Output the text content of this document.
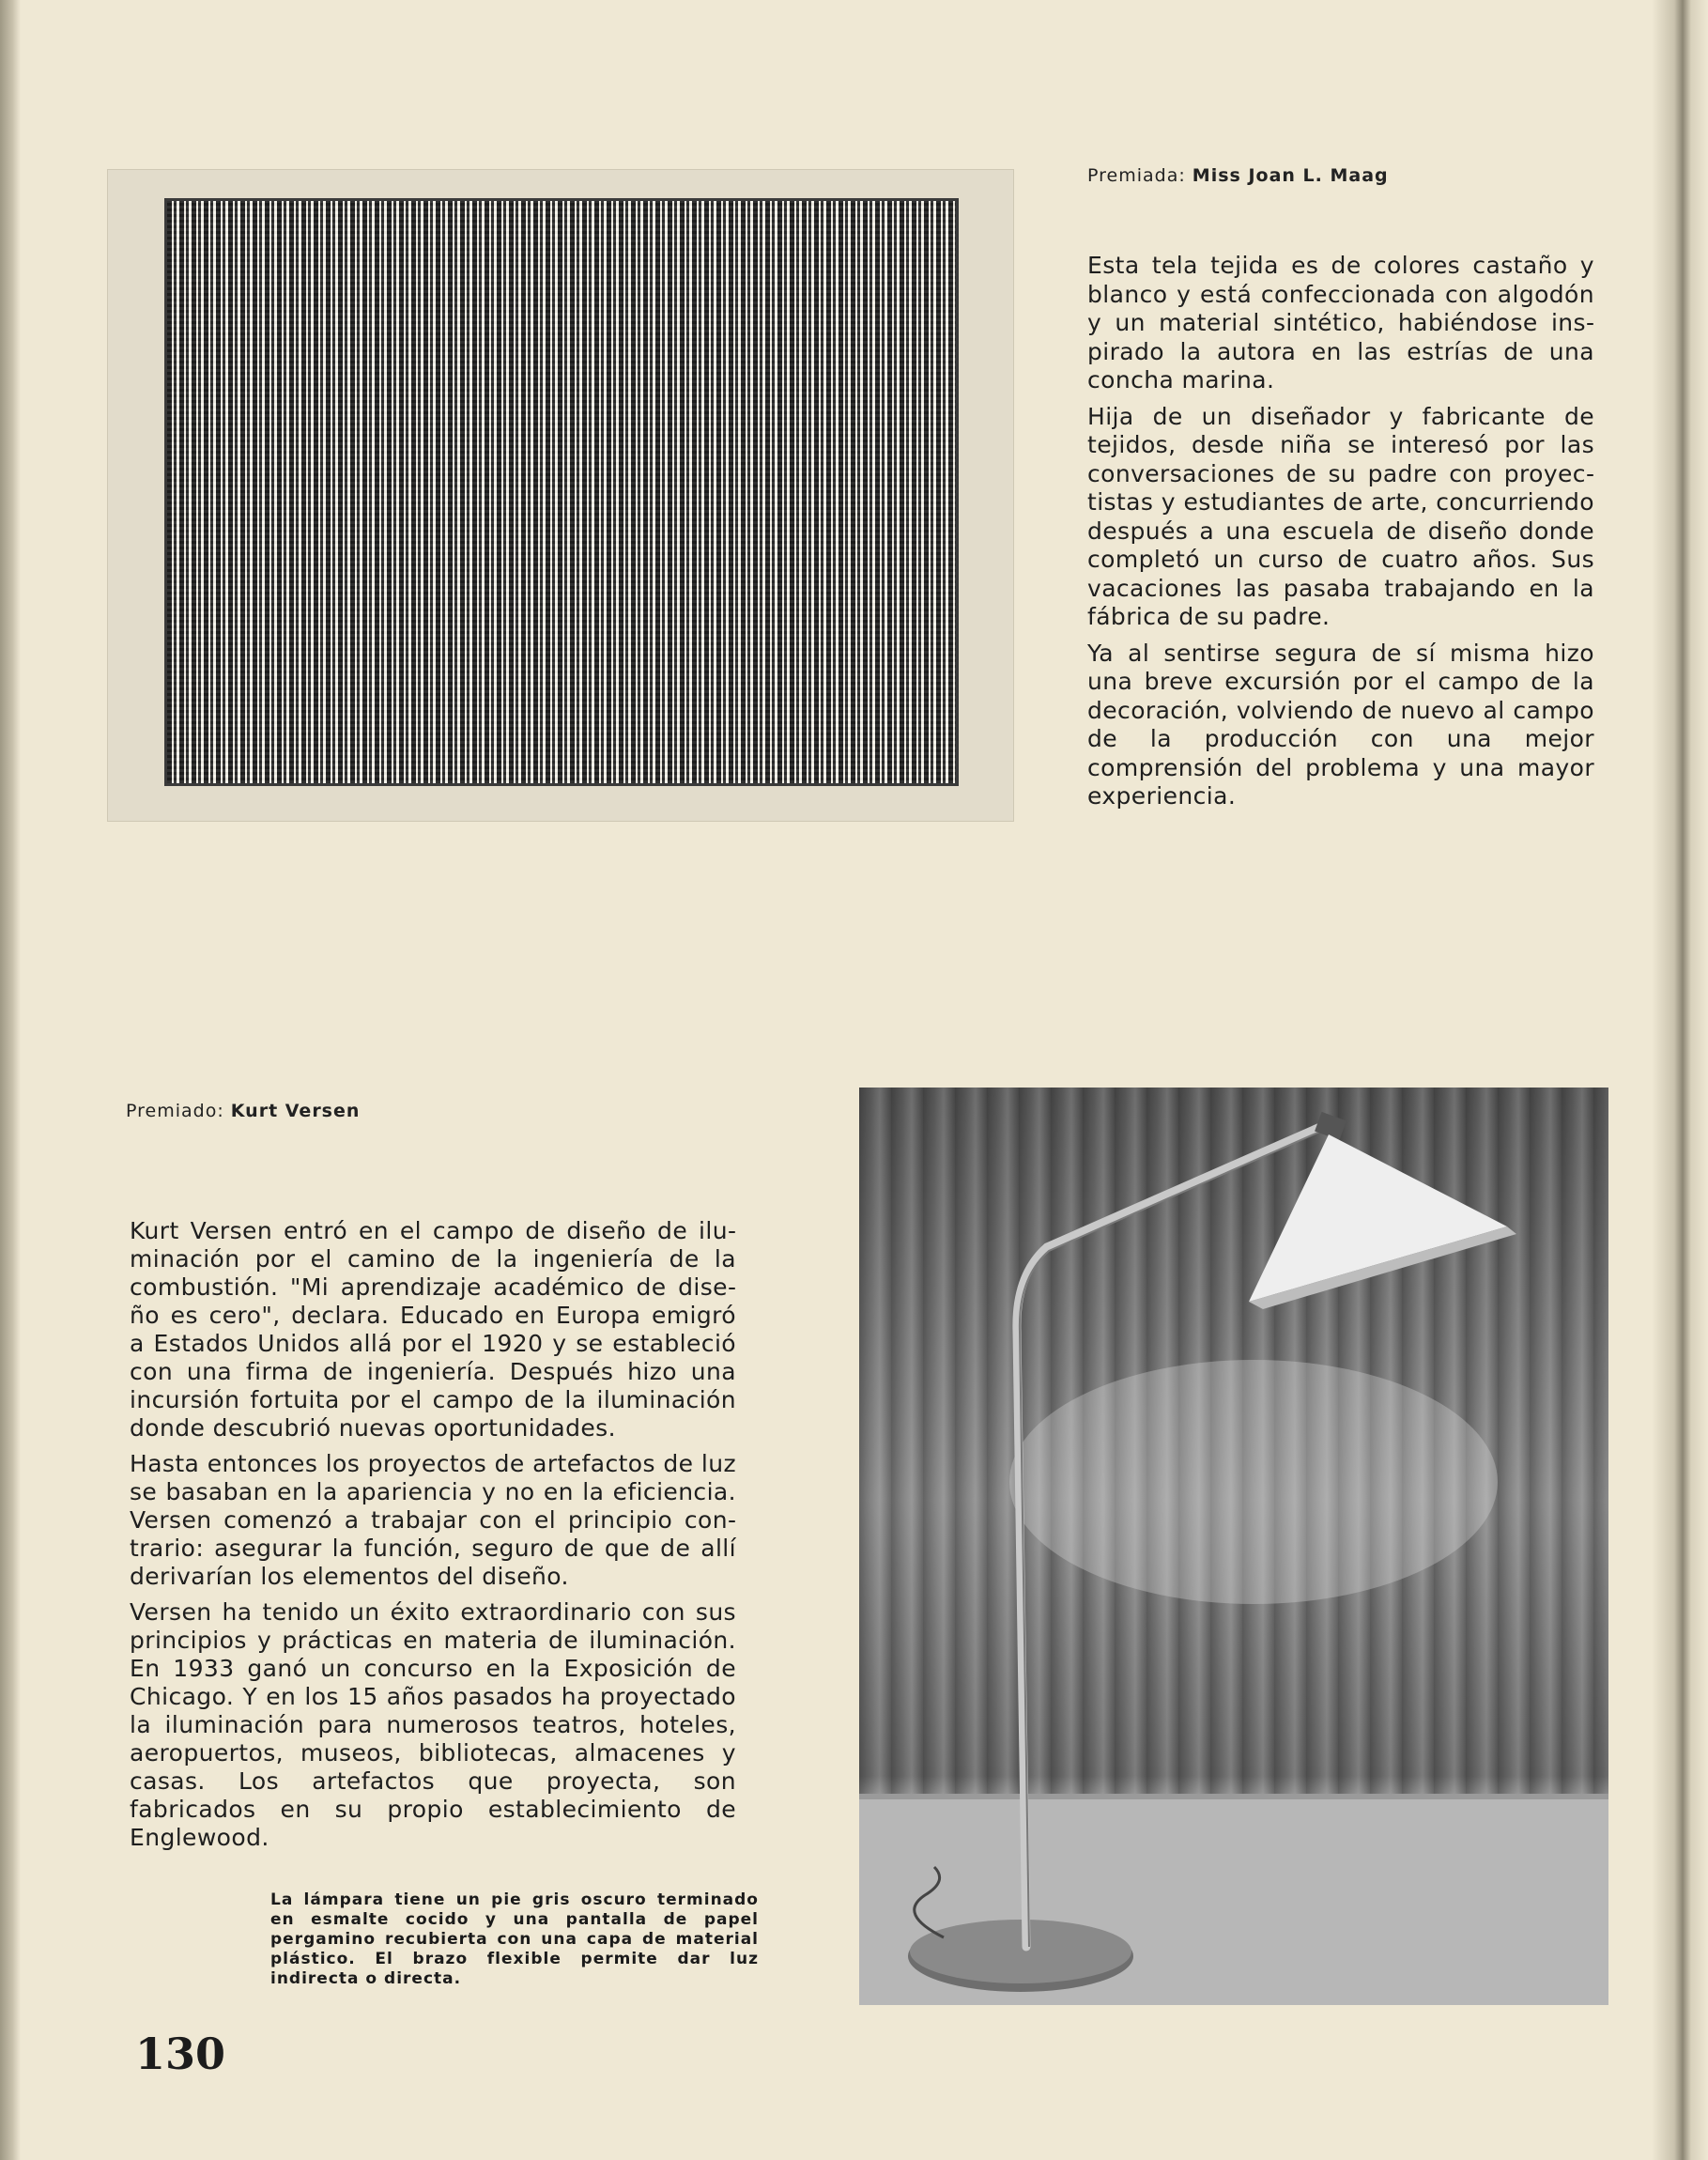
Premiada: Miss Joan L. Maag

Esta tela tejida es de colores castaño y blanco y está confeccionada con algodón y un material sintético, habiéndose inspirado la autora en las estrías de una concha marina.

Hija de un diseñador y fabricante de tejidos, desde niña se interesó por las conversaciones de su padre con proyectistas y estudiantes de arte, concurriendo después a una escuela de diseño donde completó un curso de cuatro años. Sus vacaciones las pasaba trabajando en la fábrica de su padre.

Ya al sentirse segura de sí misma hizo una breve excursión por el campo de la decoración, volviendo de nuevo al campo de la producción con una mejor comprensión del problema y una mayor experiencia.

Premiado: Kurt Versen

Kurt Versen entró en el campo de diseño de iluminación por el camino de la ingeniería de la combustión. "Mi aprendizaje académico de diseño es cero", declara. Educado en Europa emigró a Estados Unidos allá por el 1920 y se estableció con una firma de ingeniería. Después hizo una incursión fortuita por el campo de la iluminación donde descubrió nuevas oportunidades.

Hasta entonces los proyectos de artefactos de luz se basaban en la apariencia y no en la eficiencia. Versen comenzó a trabajar con el principio contrario: asegurar la función, seguro de que de allí derivarían los elementos del diseño.

Versen ha tenido un éxito extraordinario con sus principios y prácticas en materia de iluminación. En 1933 ganó un concurso en la Exposición de Chicago. Y en los 15 años pasados ha proyectado la iluminación para numerosos teatros, hoteles, aeropuertos, museos, bibliotecas, almacenes y casas. Los artefactos que proyecta, son fabricados en su propio establecimiento de Englewood.

La lámpara tiene un pie gris oscuro terminado en esmalte cocido y una pantalla de papel pergamino recubierta con una capa de material plástico. El brazo flexible permite dar luz indirecta o directa.
130
